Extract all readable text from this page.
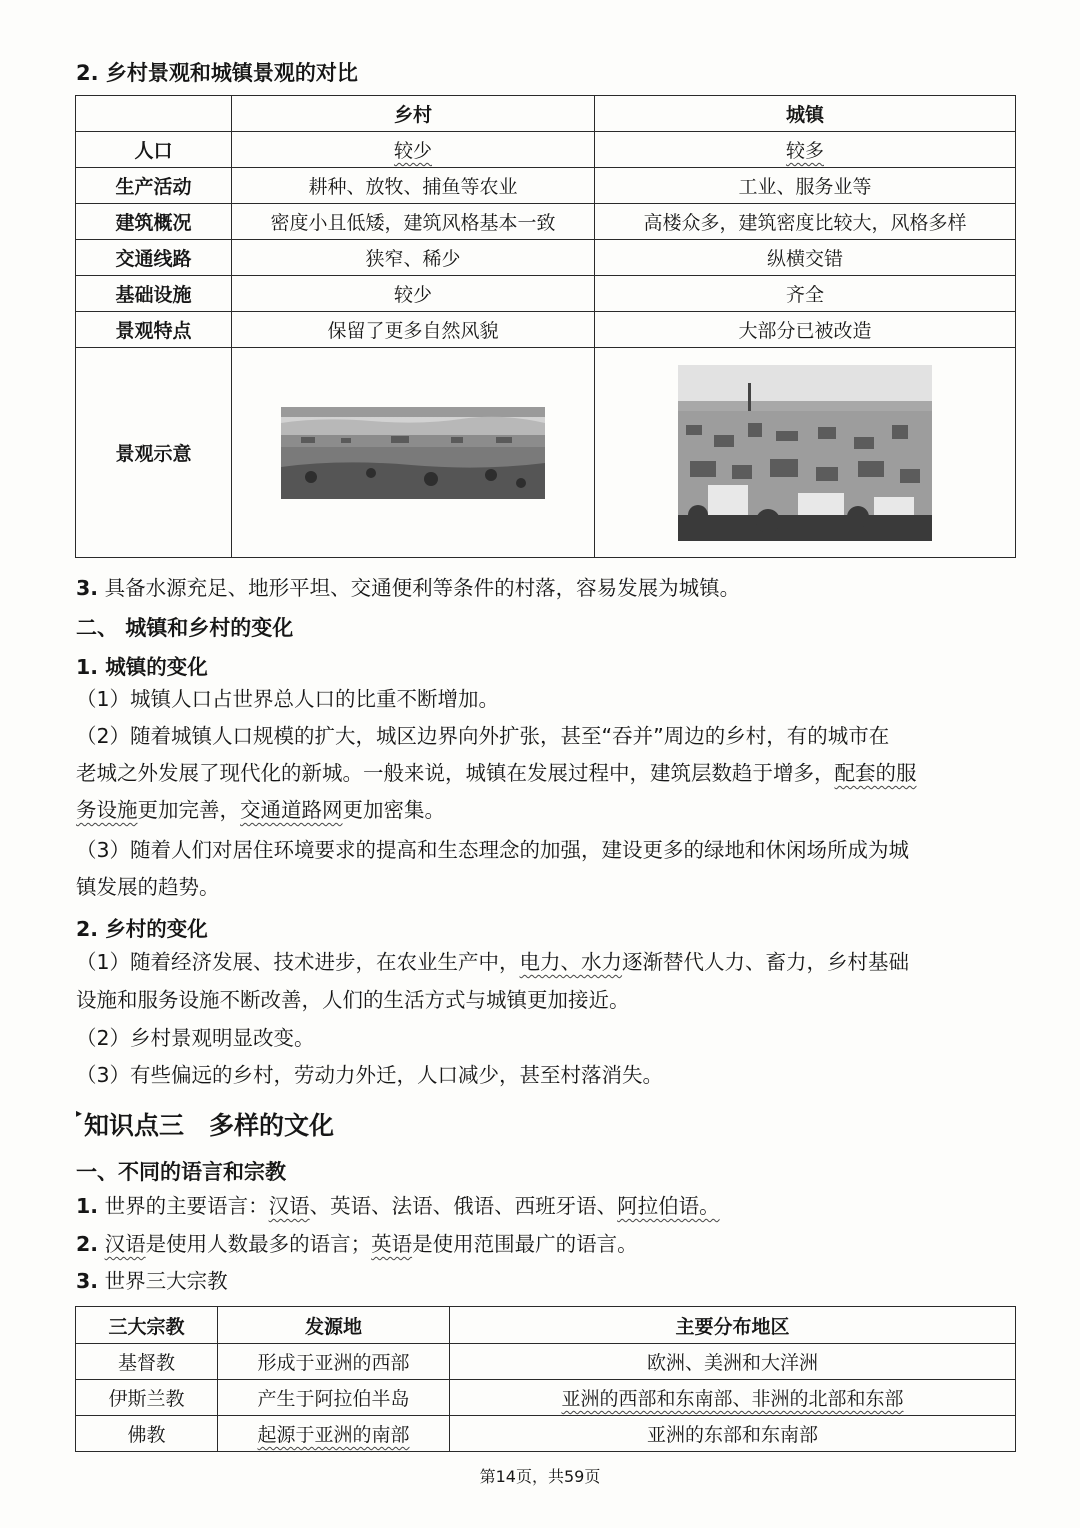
2. 乡村景观和城镇景观的对比
	乡村	城镇
人口	较少	较多
生产活动	耕种、放牧、捕鱼等农业	工业、服务业等
建筑概况	密度小且低矮，建筑风格基本一致	高楼众多，建筑密度比较大，风格多样
交通线路	狭窄、稀少	纵横交错
基础设施	较少	齐全
景观特点	保留了更多自然风貌	大部分已被改造
景观示意		
3. 具备水源充足、地形平坦、交通便利等条件的村落，容易发展为城镇。
二、 城镇和乡村的变化
1. 城镇的变化
（1）城镇人口占世界总人口的比重不断增加。
（2）随着城镇人口规模的扩大，城区边界向外扩张，甚至“吞并”周边的乡村，有的城市在
老城之外发展了现代化的新城。一般来说，城镇在发展过程中，建筑层数趋于增多，配套的服
务设施更加完善，交通道路网更加密集。
（3）随着人们对居住环境要求的提高和生态理念的加强，建设更多的绿地和休闲场所成为城
镇发展的趋势。
2. 乡村的变化
（1）随着经济发展、技术进步，在农业生产中，电力、水力逐渐替代人力、畜力，乡村基础
设施和服务设施不断改善，人们的生活方式与城镇更加接近。
（2）乡村景观明显改变。
（3）有些偏远的乡村，劳动力外迁，人口减少，甚至村落消失。
▸知识点三　多样的文化
一、不同的语言和宗教
1. 世界的主要语言：汉语、英语、法语、俄语、西班牙语、阿拉伯语。
2. 汉语是使用人数最多的语言；英语是使用范围最广的语言。
3. 世界三大宗教
三大宗教	发源地	主要分布地区
基督教	形成于亚洲的西部	欧洲、美洲和大洋洲
伊斯兰教	产生于阿拉伯半岛	亚洲的西部和东南部、非洲的北部和东部
佛教	起源于亚洲的南部	亚洲的东部和东南部
第14页，共59页
